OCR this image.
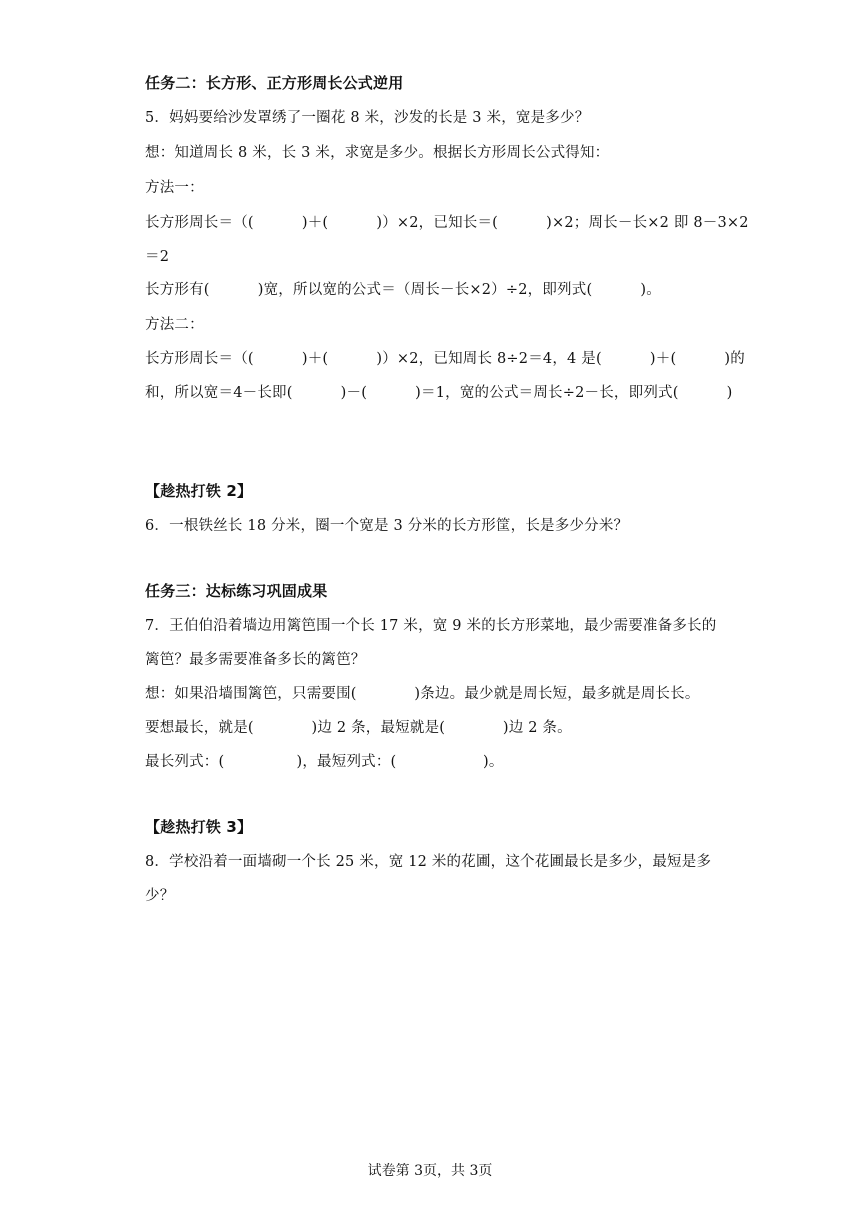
任务二：长方形、正方形周长公式逆用
5．妈妈要给沙发罩绣了一圈花 8 米，沙发的长是 3 米，宽是多少？
想：知道周长 8 米，长 3 米，求宽是多少。根据长方形周长公式得知：
方法一：
长方形周长＝（(          )＋(          )）×2，已知长＝(          )×2；周长－长×2 即 8－3×2
＝2
长方形有(          )宽，所以宽的公式＝（周长－长×2）÷2，即列式(          )。
方法二：
长方形周长＝（(          )＋(          )）×2，已知周长 8÷2＝4，4 是(          )＋(          )的
和，所以宽＝4－长即(          )－(          )＝1，宽的公式＝周长÷2－长，即列式(          )
【趁热打铁 2】
6．一根铁丝长 18 分米，圈一个宽是 3 分米的长方形筐，长是多少分米？
任务三：达标练习巩固成果
7．王伯伯沿着墙边用篱笆围一个长 17 米，宽 9 米的长方形菜地，最少需要准备多长的
篱笆？最多需要准备多长的篱笆？
想：如果沿墙围篱笆，只需要围(            )条边。最少就是周长短，最多就是周长长。
要想最长，就是(            )边 2 条，最短就是(            )边 2 条。
最长列式：(               )，最短列式：(                  )。
【趁热打铁 3】
8．学校沿着一面墙砌一个长 25 米，宽 12 米的花圃，这个花圃最长是多少，最短是多
少？
试卷第 3页，共 3页
